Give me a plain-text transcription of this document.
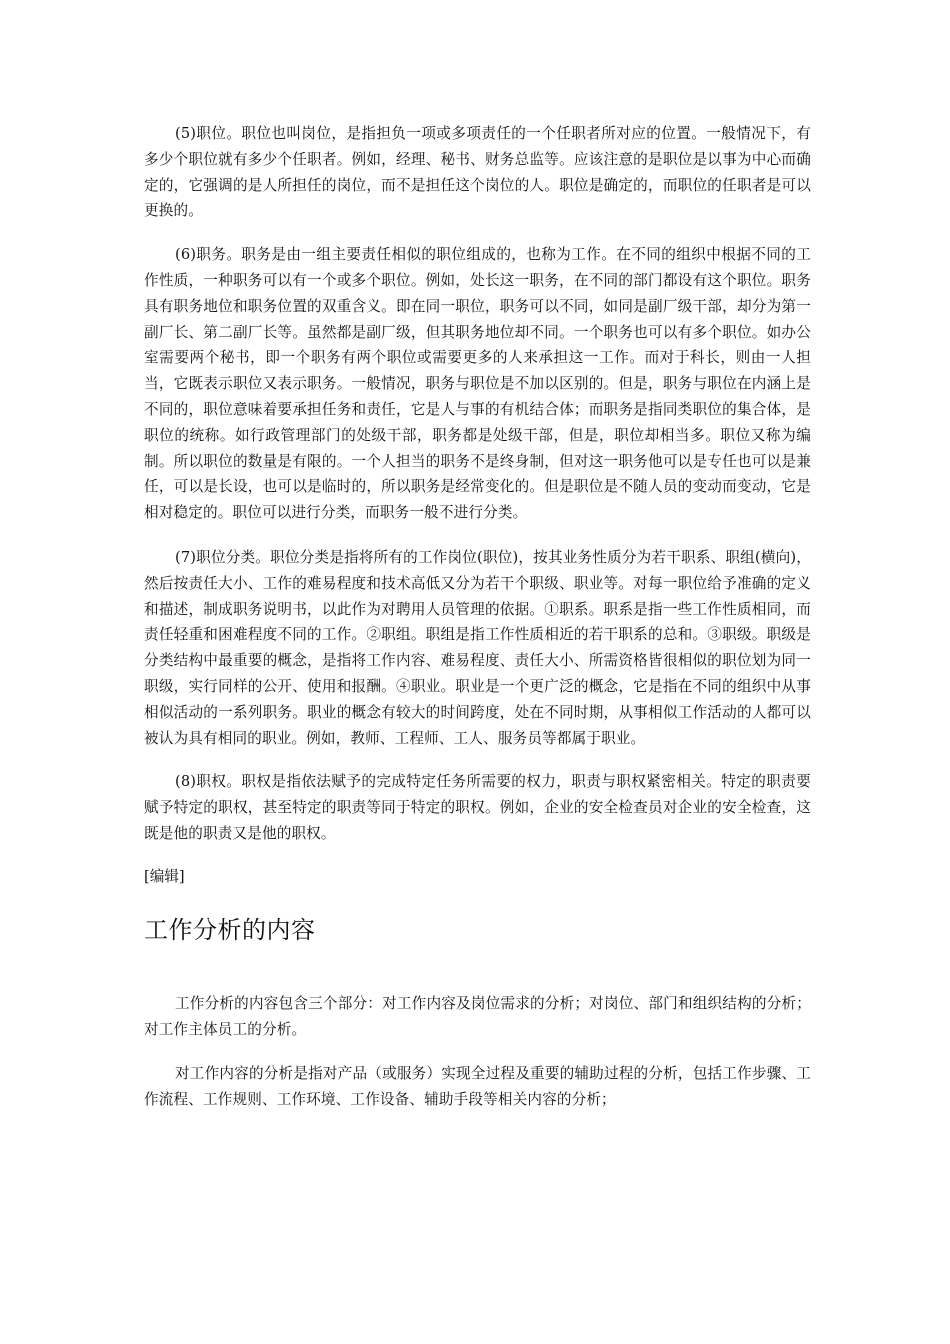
(5)职位。职位也叫岗位，是指担负一项或多项责任的一个任职者所对应的位置。一般情况下，有多少个职位就有多少个任职者。例如，经理、秘书、财务总监等。应该注意的是职位是以事为中心而确定的，它强调的是人所担任的岗位，而不是担任这个岗位的人。职位是确定的，而职位的任职者是可以更换的。

(6)职务。职务是由一组主要责任相似的职位组成的，也称为工作。在不同的组织中根据不同的工作性质，一种职务可以有一个或多个职位。例如，处长这一职务，在不同的部门都设有这个职位。职务具有职务地位和职务位置的双重含义。即在同一职位，职务可以不同，如同是副厂级干部，却分为第一副厂长、第二副厂长等。虽然都是副厂级，但其职务地位却不同。一个职务也可以有多个职位。如办公室需要两个秘书，即一个职务有两个职位或需要更多的人来承担这一工作。而对于科长，则由一人担当，它既表示职位又表示职务。一般情况，职务与职位是不加以区别的。但是，职务与职位在内涵上是不同的，职位意味着要承担任务和责任，它是人与事的有机结合体；而职务是指同类职位的集合体，是职位的统称。如行政管理部门的处级干部，职务都是处级干部，但是，职位却相当多。职位又称为编制。所以职位的数量是有限的。一个人担当的职务不是终身制，但对这一职务他可以是专任也可以是兼任，可以是长设，也可以是临时的，所以职务是经常变化的。但是职位是不随人员的变动而变动，它是相对稳定的。职位可以进行分类，而职务一般不进行分类。

(7)职位分类。职位分类是指将所有的工作岗位(职位)，按其业务性质分为若干职系、职组(横向)，然后按责任大小、工作的难易程度和技术高低又分为若干个职级、职业等。对每一职位给予准确的定义和描述，制成职务说明书，以此作为对聘用人员管理的依据。①职系。职系是指一些工作性质相同，而责任轻重和困难程度不同的工作。②职组。职组是指工作性质相近的若干职系的总和。③职级。职级是分类结构中最重要的概念，是指将工作内容、难易程度、责任大小、所需资格皆很相似的职位划为同一职级，实行同样的公开、使用和报酬。④职业。职业是一个更广泛的概念，它是指在不同的组织中从事相似活动的一系列职务。职业的概念有较大的时间跨度，处在不同时期，从事相似工作活动的人都可以被认为具有相同的职业。例如，教师、工程师、工人、服务员等都属于职业。

(8)职权。职权是指依法赋予的完成特定任务所需要的权力，职责与职权紧密相关。特定的职责要赋予特定的职权，甚至特定的职责等同于特定的职权。例如，企业的安全检查员对企业的安全检查，这既是他的职责又是他的职权。

[编辑]
工作分析的内容

工作分析的内容包含三个部分：对工作内容及岗位需求的分析；对岗位、部门和组织结构的分析；对工作主体员工的分析。

对工作内容的分析是指对产品（或服务）实现全过程及重要的辅助过程的分析，包括工作步骤、工作流程、工作规则、工作环境、工作设备、辅助手段等相关内容的分析；
